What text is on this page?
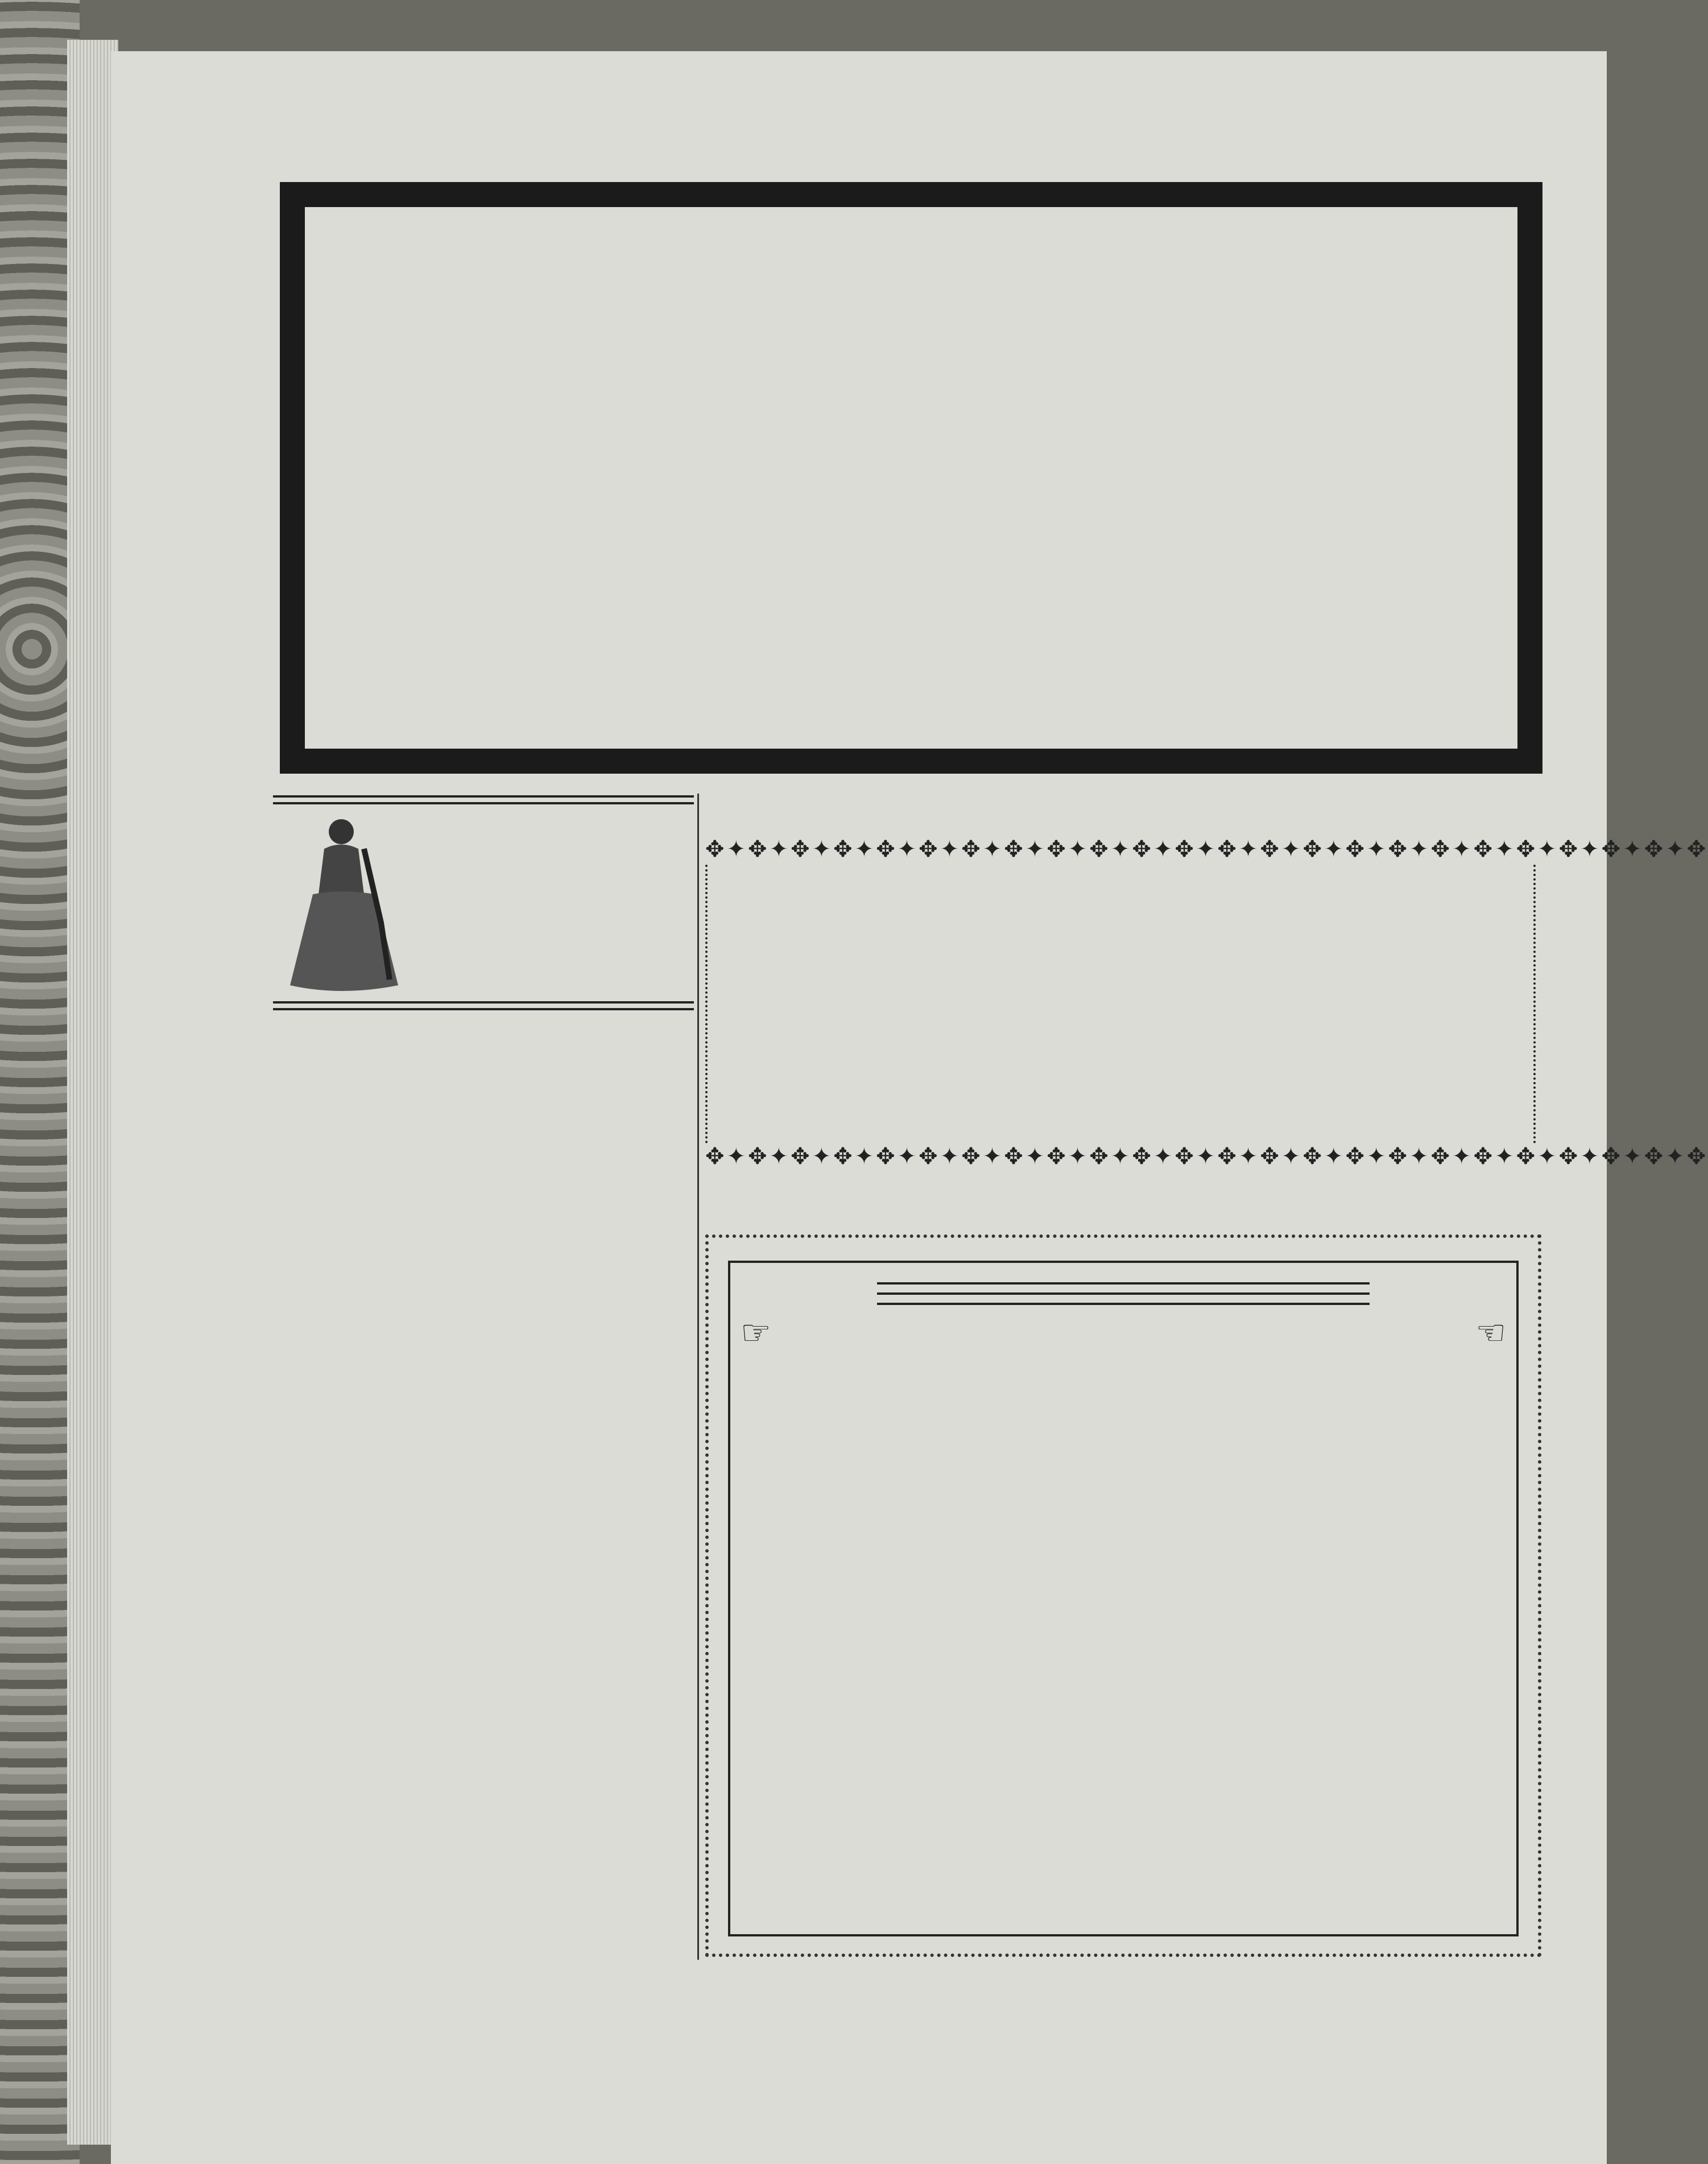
✥✦✥✦✥✦✥✦✥✦✥✦✥✦✥✦✥✦✥✦✥✦✥✦✥✦✥✦✥✦✥✦✥✦✥✦✥✦✥✦✥✦✥✦✥✦✥
✥✦✥✦✥✦✥✦✥✦✥✦✥✦✥✦✥✦✥✦✥✦✥✦✥✦✥✦✥✦✥✦✥✦✥✦✥✦✥✦✥✦✥✦✥✦✥

☞	☜
